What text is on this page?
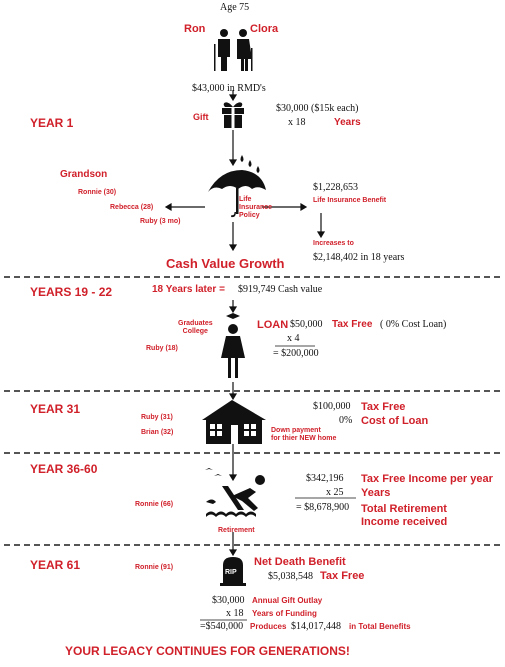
Age 75
Ron	Clora
RIP
$43,000 in RMD's
YEAR 1	Gift
$30,000 ($15k each)
x 18	Years
Grandson
Ronnie (30)
Rebecca (28)
Ruby (3 mo)
Life
Insurance
Policy
$1,228,653
Life Insurance Benefit
Increases to
$2,148,402 in 18 years
Cash Value Growth
YEARS 19 - 22	18 Years later = $919,749 Cash value
Graduates
College
Ruby (18)
LOAN $50,000 Tax Free ( 0% Cost Loan)
x 4
= $200,000
YEAR 31
Ruby (31)
Brian (32)	Down payment
for thier NEW home
$100,000 Tax Free
0% Cost of Loan
YEAR 36-60
Ronnie (66)
Retirement
$342,196 Tax Free Income per year
x 25 Years
= $8,678,900 Total Retirement
Income received
YEAR 61	Ronnie (91)	Net Death Benefit
$5,038,548 Tax Free
$30,000 Annual Gift Outlay
x 18 Years of Funding
=$540,000 Produces $14,017,448 in Total Benefits
YOUR LEGACY CONTINUES FOR GENERATIONS!
